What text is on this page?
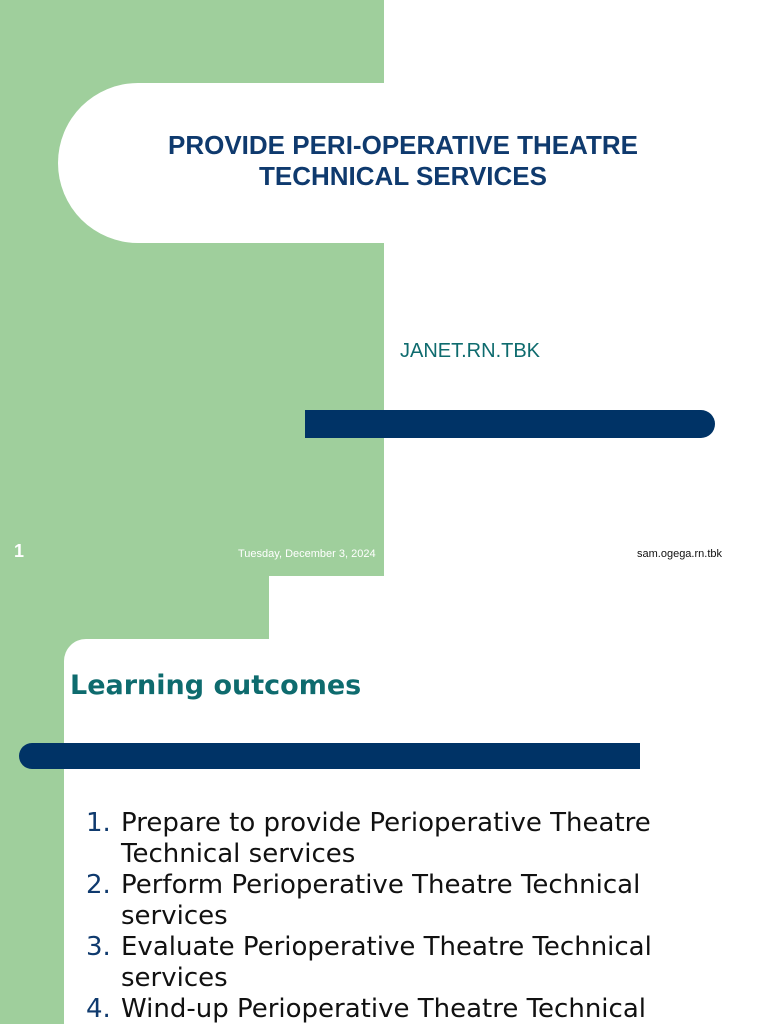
PROVIDE PERI-OPERATIVE THEATRE TECHNICAL SERVICES
JANET.RN.TBK
1	Tuesday, December 3, 2024	sam.ogega.rn.tbk
Learning outcomes
1. Prepare to provide Perioperative Theatre Technical services
2. Perform Perioperative Theatre Technical services
3. Evaluate Perioperative Theatre Technical services
4. Wind-up Perioperative Theatre Technical
